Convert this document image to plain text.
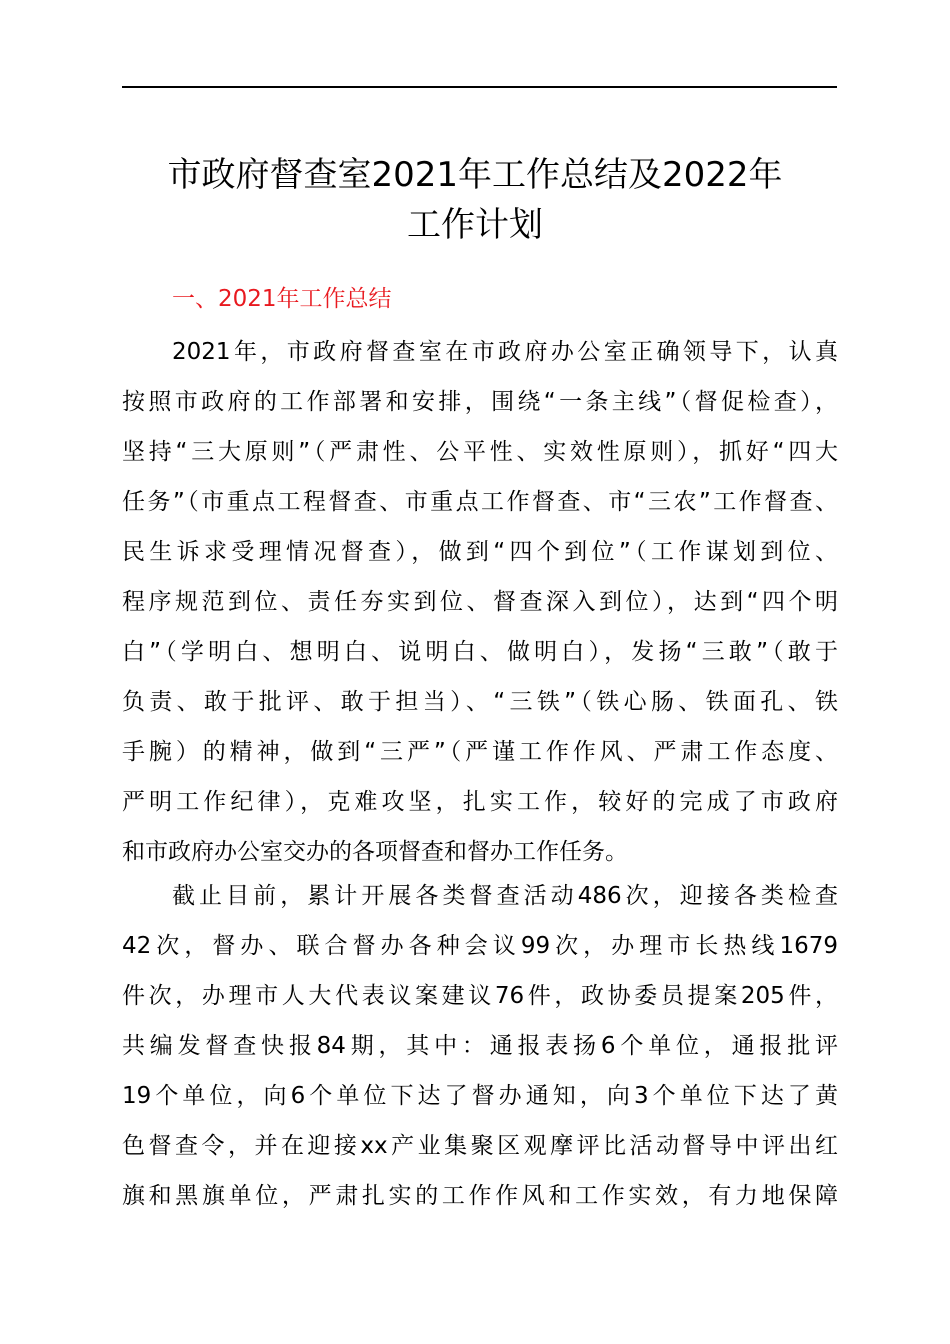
市政府督查室2021年工作总结及2022年
工作计划
一、2021年工作总结
2021年，市政府督查室在市政府办公室正确领导下，认真
按照市政府的工作部署和安排，围绕“一条主线”（督促检查），
坚持“三大原则”（严肃性、公平性、实效性原则），抓好“四大
任务”（市重点工程督查、市重点工作督查、市“三农”工作督查、
民生诉求受理情况督查），做到“四个到位”（工作谋划到位、
程序规范到位、责任夯实到位、督查深入到位），达到“四个明
白”（学明白、想明白、说明白、做明白），发扬“三敢”（敢于
负责、敢于批评、敢于担当）、“三铁”（铁心肠、铁面孔、铁
手腕）的精神，做到“三严”（严谨工作作风、严肃工作态度、
严明工作纪律），克难攻坚，扎实工作，较好的完成了市政府
和市政府办公室交办的各项督查和督办工作任务。
截止目前，累计开展各类督查活动486次，迎接各类检查
42次，督办、联合督办各种会议99次，办理市长热线1679
件次，办理市人大代表议案建议76件，政协委员提案205件，
共编发督查快报84期，其中：通报表扬6个单位，通报批评
19个单位，向6个单位下达了督办通知，向3个单位下达了黄
色督查令，并在迎接xx产业集聚区观摩评比活动督导中评出红
旗和黑旗单位，严肃扎实的工作作风和工作实效，有力地保障
